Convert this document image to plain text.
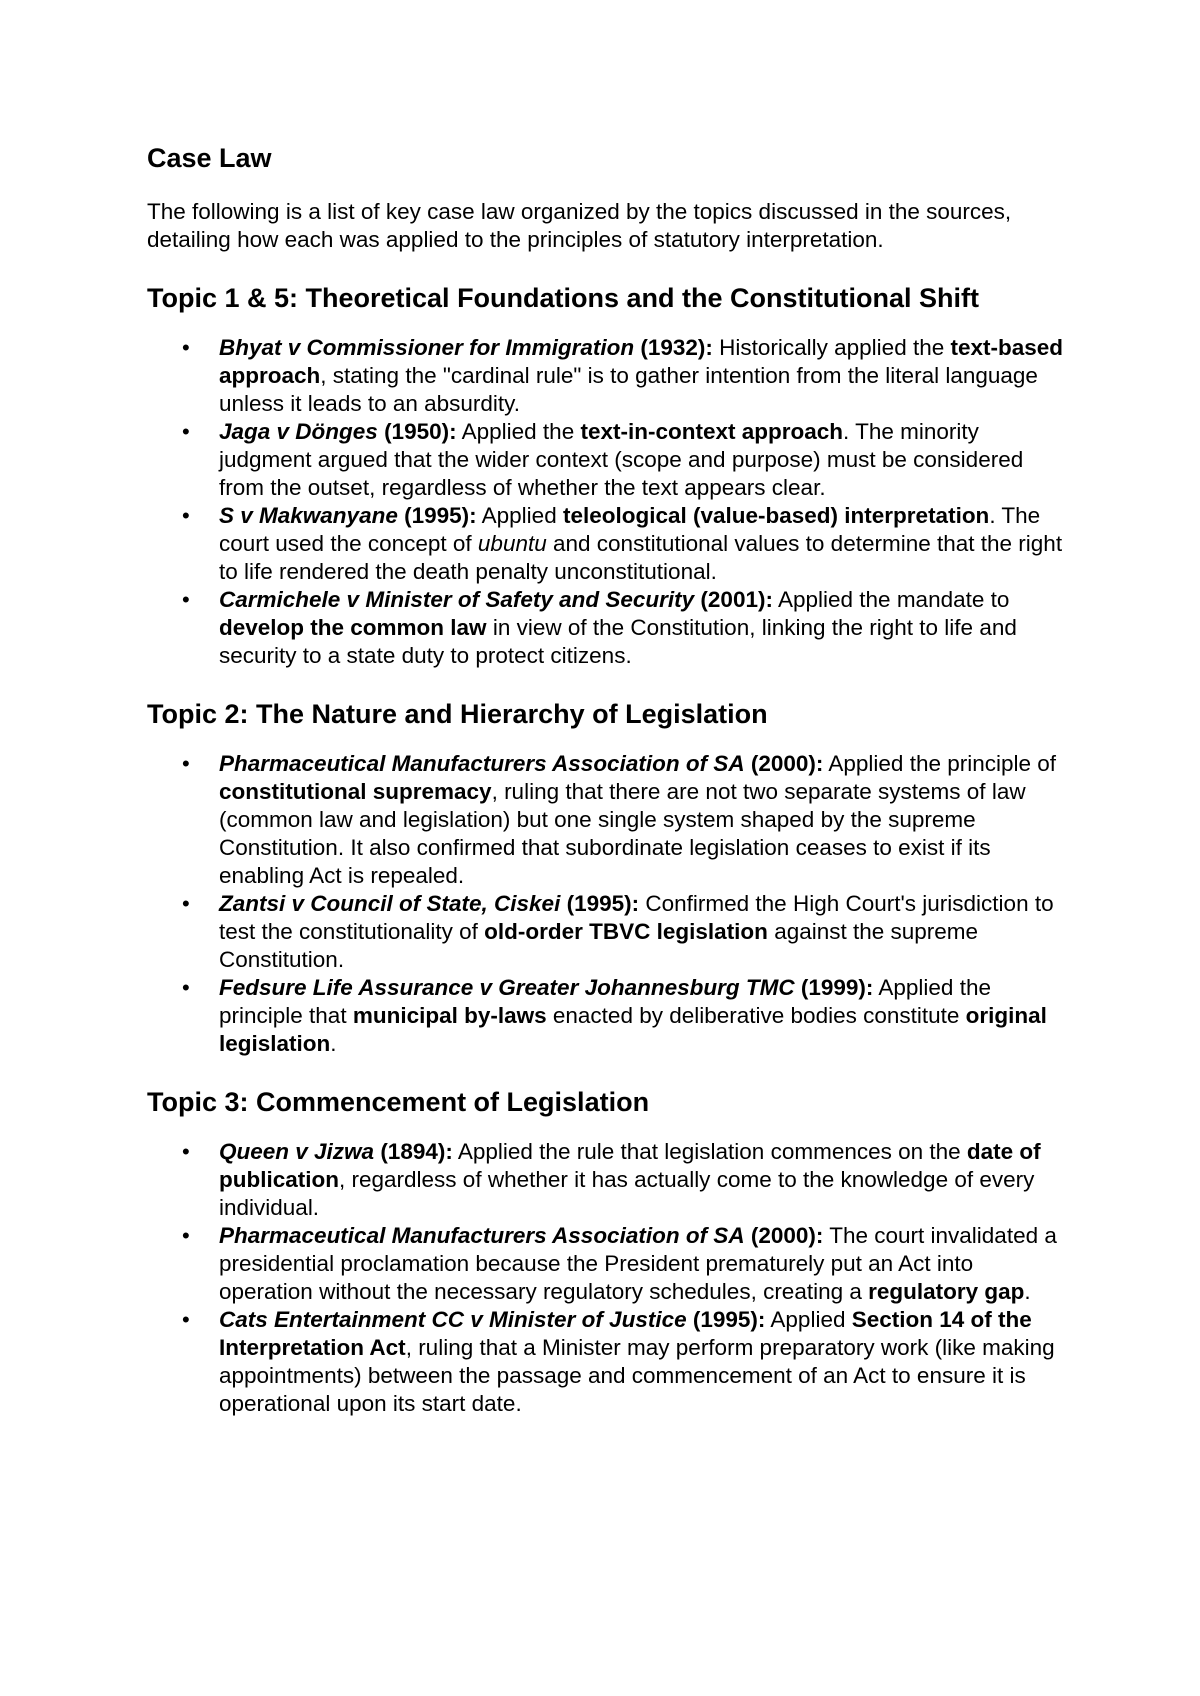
Case Law

The following is a list of key case law organized by the topics discussed in the sources, detailing how each was applied to the principles of statutory interpretation.

Topic 1 & 5: Theoretical Foundations and the Constitutional Shift
• Bhyat v Commissioner for Immigration (1932): Historically applied the text-based approach, stating the "cardinal rule" is to gather intention from the literal language unless it leads to an absurdity.
• Jaga v Dönges (1950): Applied the text-in-context approach. The minority judgment argued that the wider context (scope and purpose) must be considered from the outset, regardless of whether the text appears clear.
• S v Makwanyane (1995): Applied teleological (value-based) interpretation. The court used the concept of ubuntu and constitutional values to determine that the right to life rendered the death penalty unconstitutional.
• Carmichele v Minister of Safety and Security (2001): Applied the mandate to develop the common law in view of the Constitution, linking the right to life and security to a state duty to protect citizens.
Topic 2: The Nature and Hierarchy of Legislation
• Pharmaceutical Manufacturers Association of SA (2000): Applied the principle of constitutional supremacy, ruling that there are not two separate systems of law (common law and legislation) but one single system shaped by the supreme Constitution. It also confirmed that subordinate legislation ceases to exist if its enabling Act is repealed.
• Zantsi v Council of State, Ciskei (1995): Confirmed the High Court's jurisdiction to test the constitutionality of old-order TBVC legislation against the supreme Constitution.
• Fedsure Life Assurance v Greater Johannesburg TMC (1999): Applied the principle that municipal by-laws enacted by deliberative bodies constitute original legislation.
Topic 3: Commencement of Legislation
• Queen v Jizwa (1894): Applied the rule that legislation commences on the date of publication, regardless of whether it has actually come to the knowledge of every individual.
• Pharmaceutical Manufacturers Association of SA (2000): The court invalidated a presidential proclamation because the President prematurely put an Act into operation without the necessary regulatory schedules, creating a regulatory gap.
• Cats Entertainment CC v Minister of Justice (1995): Applied Section 14 of the Interpretation Act, ruling that a Minister may perform preparatory work (like making appointments) between the passage and commencement of an Act to ensure it is operational upon its start date.
